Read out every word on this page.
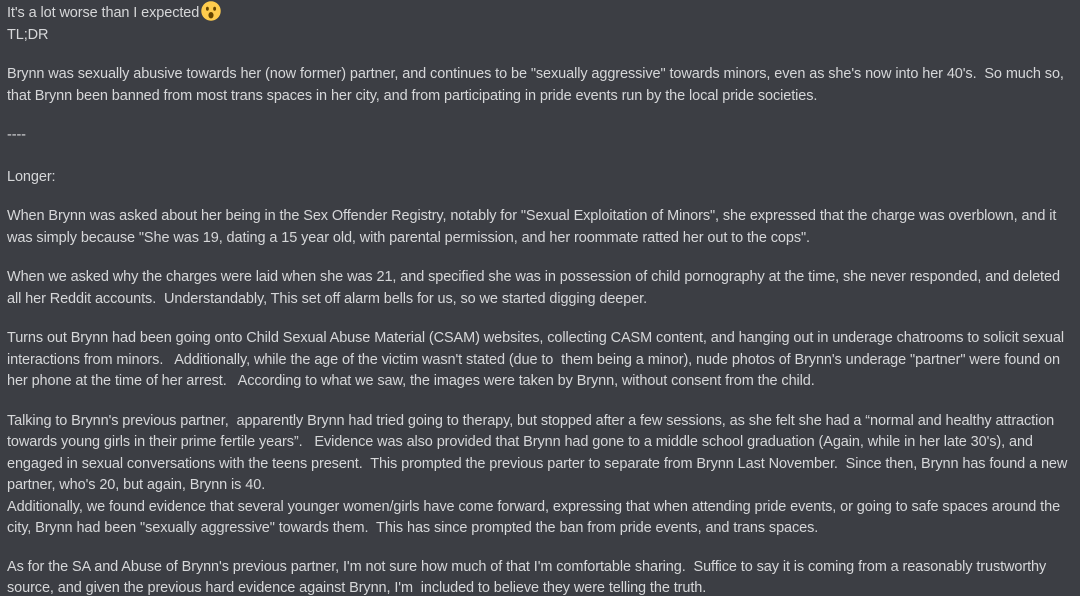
It's a lot worse than I expected

TL;DR

Brynn was sexually abusive towards her (now former) partner, and continues to be "sexually aggressive" towards minors, even as she's now into her 40's.  So much so, that Brynn been banned from most trans spaces in her city, and from participating in pride events run by the local pride societies.

----

Longer:

When Brynn was asked about her being in the Sex Offender Registry, notably for "Sexual Exploitation of Minors", she expressed that the charge was overblown, and it was simply because "She was 19, dating a 15 year old, with parental permission, and her roommate ratted her out to the cops".

When we asked why the charges were laid when she was 21, and specified she was in possession of child pornography at the time, she never responded, and deleted all her Reddit accounts.  Understandably, This set off alarm bells for us, so we started digging deeper.

Turns out Brynn had been going onto Child Sexual Abuse Material (CSAM) websites, collecting CASM content, and hanging out in underage chatrooms to solicit sexual interactions from minors.   Additionally, while the age of the victim wasn't stated (due to  them being a minor), nude photos of Brynn's underage "partner" were found on her phone at the time of her arrest.   According to what we saw, the images were taken by Brynn, without consent from the child.

Talking to Brynn's previous partner,  apparently Brynn had tried going to therapy, but stopped after a few sessions, as she felt she had a “normal and healthy attraction towards young girls in their prime fertile years”.   Evidence was also provided that Brynn had gone to a middle school graduation (Again, while in her late 30's), and engaged in sexual conversations with the teens present.  This prompted the previous parter to separate from Brynn Last November.  Since then, Brynn has found a new partner, who's 20, but again, Brynn is 40.

Additionally, we found evidence that several younger women/girls have come forward, expressing that when attending pride events, or going to safe spaces around the city, Brynn had been "sexually aggressive" towards them.  This has since prompted the ban from pride events, and trans spaces.

As for the SA and Abuse of Brynn's previous partner, I'm not sure how much of that I'm comfortable sharing.  Suffice to say it is coming from a reasonably trustworthy source, and given the previous hard evidence against Brynn, I'm  included to believe they were telling the truth.
